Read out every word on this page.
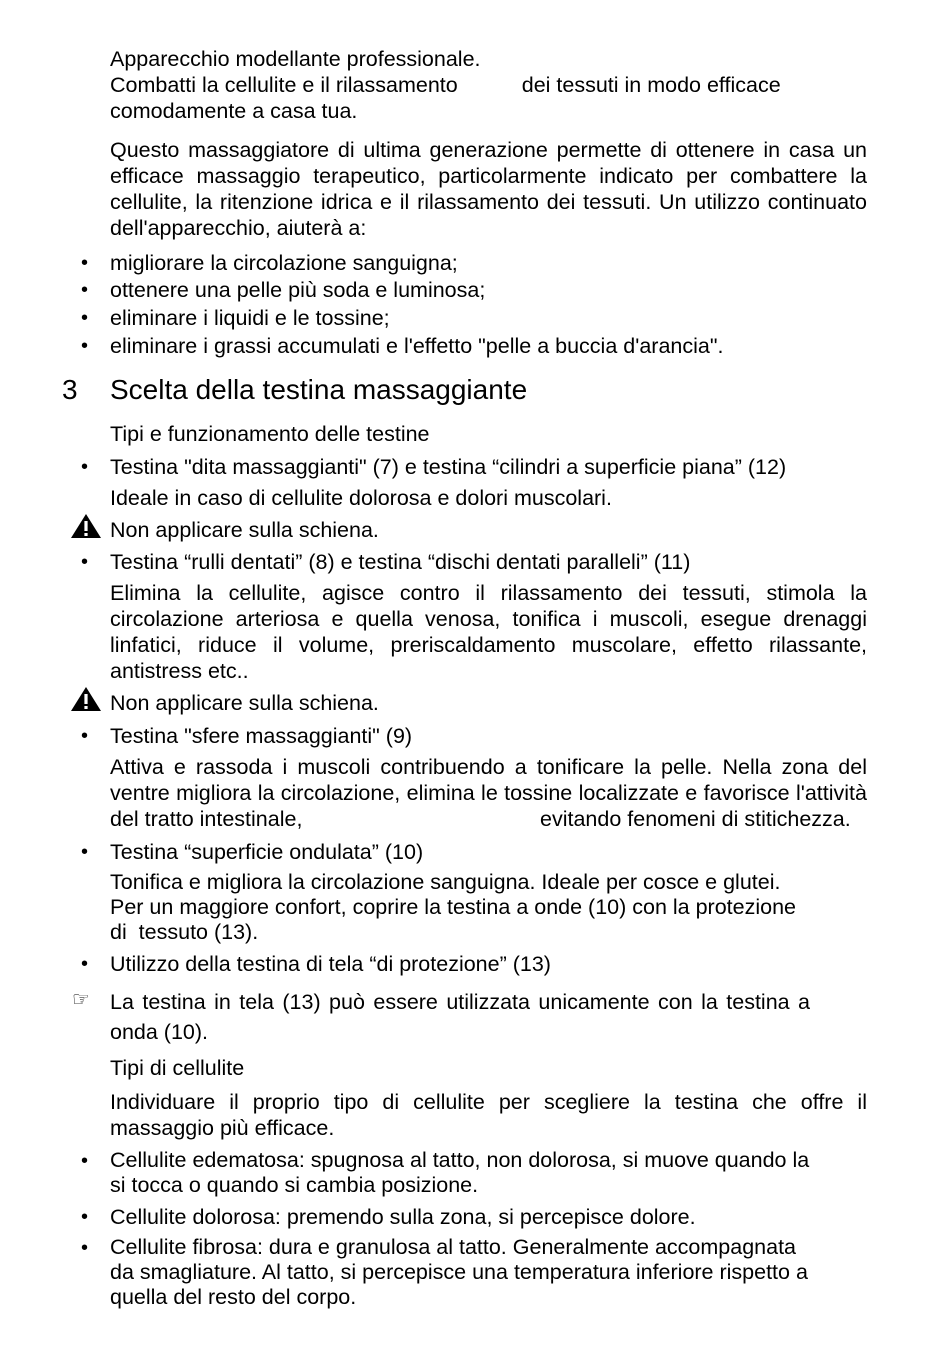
Apparecchio modellante professionale.
Combatti la cellulite e il rilassamento	dei tessuti in modo efficace
comodamente a casa tua.
Questo massaggiatore di ultima generazione permette di ottenere in casa un efficace massaggio terapeutico, particolarmente indicato per combattere la cellulite, la ritenzione idrica e il rilassamento dei tessuti. Un utilizzo continuato dell'apparecchio, aiuterà a:
•	migliorare la circolazione sanguigna;
•	ottenere una pelle più soda e luminosa;
•	eliminare i liquidi e le tossine;
•	eliminare i grassi accumulati e l'effetto "pelle a buccia d'arancia".
3 Scelta della testina massaggiante
Tipi e funzionamento delle testine
•	Testina "dita massaggianti" (7) e testina “cilindri a superficie piana” (12)
Ideale in caso di cellulite dolorosa e dolori muscolari.
Non applicare sulla schiena.
•	Testina “rulli dentati” (8) e testina “dischi dentati paralleli” (11)
Elimina la cellulite, agisce contro il rilassamento dei tessuti, stimola la circolazione arteriosa e quella venosa, tonifica i muscoli, esegue drenaggi linfatici, riduce il volume, preriscaldamento muscolare, effetto rilassante, antistress etc..
Non applicare sulla schiena.
•	Testina "sfere massaggianti" (9)
Attiva e rassoda i muscoli contribuendo a tonificare la pelle. Nella zona del ventre migliora la circolazione, elimina le tossine localizzate e favorisce l'attività del tratto intestinale,	evitando fenomeni di stitichezza.
•	Testina “superficie ondulata” (10)
Tonifica e migliora la circolazione sanguigna. Ideale per cosce e glutei.
Per un maggiore confort, coprire la testina a onde (10) con la protezione
di  tessuto (13).
•	Utilizzo della testina di tela “di protezione” (13)
☞ La testina in tela (13) può essere utilizzata unicamente con la testina a onda (10).
Tipi di cellulite
Individuare il proprio tipo di cellulite per scegliere la testina che offre il massaggio più efficace.
•	Cellulite edematosa: spugnosa al tatto, non dolorosa, si muove quando la
si tocca o quando si cambia posizione.
•	Cellulite dolorosa: premendo sulla zona, si percepisce dolore.
•	Cellulite fibrosa: dura e granulosa al tatto. Generalmente accompagnata
da smagliature. Al tatto, si percepisce una temperatura inferiore rispetto a
quella del resto del corpo.
